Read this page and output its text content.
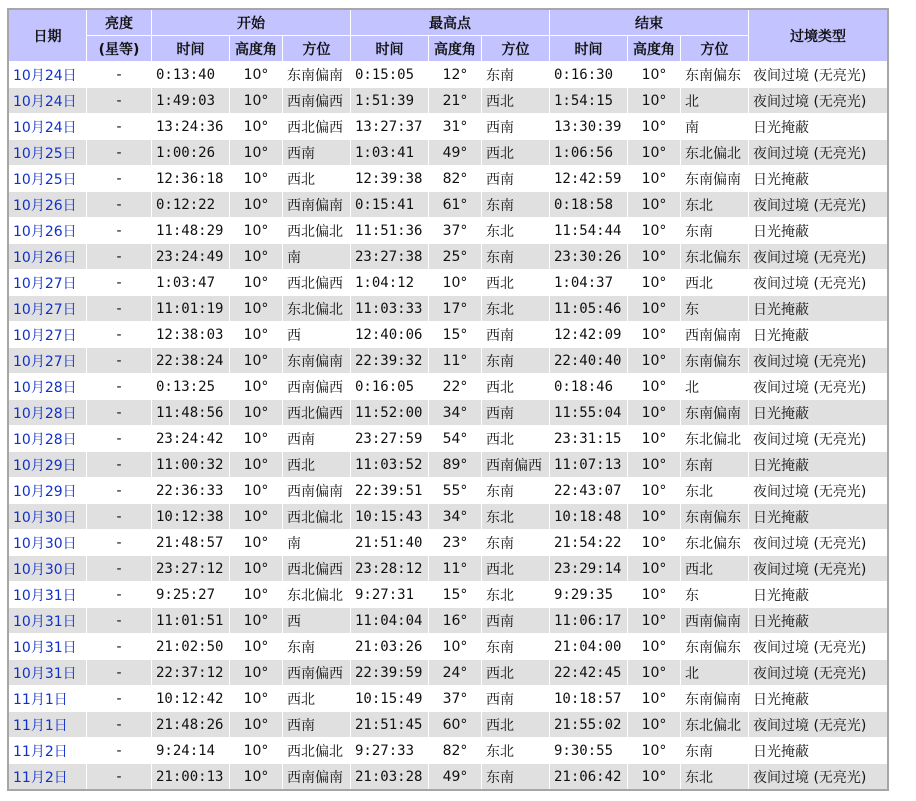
日期	亮度	开始			最高点			结束			过境类型
	(星等)	时间	高度角	方位	时间	高度角	方位	时间	高度角	方位	
10月24日	-	0:13:40	10°	东南偏南	0:15:05	12°	东南	0:16:30	10°	东南偏东	夜间过境 (无亮光)
10月24日	-	1:49:03	10°	西南偏西	1:51:39	21°	西北	1:54:15	10°	北	夜间过境 (无亮光)
10月24日	-	13:24:36	10°	西北偏西	13:27:37	31°	西南	13:30:39	10°	南	日光掩蔽
10月25日	-	1:00:26	10°	西南	1:03:41	49°	西北	1:06:56	10°	东北偏北	夜间过境 (无亮光)
10月25日	-	12:36:18	10°	西北	12:39:38	82°	西南	12:42:59	10°	东南偏南	日光掩蔽
10月26日	-	0:12:22	10°	西南偏南	0:15:41	61°	东南	0:18:58	10°	东北	夜间过境 (无亮光)
10月26日	-	11:48:29	10°	西北偏北	11:51:36	37°	东北	11:54:44	10°	东南	日光掩蔽
10月26日	-	23:24:49	10°	南	23:27:38	25°	东南	23:30:26	10°	东北偏东	夜间过境 (无亮光)
10月27日	-	1:03:47	10°	西北偏西	1:04:12	10°	西北	1:04:37	10°	西北	夜间过境 (无亮光)
10月27日	-	11:01:19	10°	东北偏北	11:03:33	17°	东北	11:05:46	10°	东	日光掩蔽
10月27日	-	12:38:03	10°	西	12:40:06	15°	西南	12:42:09	10°	西南偏南	日光掩蔽
10月27日	-	22:38:24	10°	东南偏南	22:39:32	11°	东南	22:40:40	10°	东南偏东	夜间过境 (无亮光)
10月28日	-	0:13:25	10°	西南偏西	0:16:05	22°	西北	0:18:46	10°	北	夜间过境 (无亮光)
10月28日	-	11:48:56	10°	西北偏西	11:52:00	34°	西南	11:55:04	10°	东南偏南	日光掩蔽
10月28日	-	23:24:42	10°	西南	23:27:59	54°	西北	23:31:15	10°	东北偏北	夜间过境 (无亮光)
10月29日	-	11:00:32	10°	西北	11:03:52	89°	西南偏西	11:07:13	10°	东南	日光掩蔽
10月29日	-	22:36:33	10°	西南偏南	22:39:51	55°	东南	22:43:07	10°	东北	夜间过境 (无亮光)
10月30日	-	10:12:38	10°	西北偏北	10:15:43	34°	东北	10:18:48	10°	东南偏东	日光掩蔽
10月30日	-	21:48:57	10°	南	21:51:40	23°	东南	21:54:22	10°	东北偏东	夜间过境 (无亮光)
10月30日	-	23:27:12	10°	西北偏西	23:28:12	11°	西北	23:29:14	10°	西北	夜间过境 (无亮光)
10月31日	-	9:25:27	10°	东北偏北	9:27:31	15°	东北	9:29:35	10°	东	日光掩蔽
10月31日	-	11:01:51	10°	西	11:04:04	16°	西南	11:06:17	10°	西南偏南	日光掩蔽
10月31日	-	21:02:50	10°	东南	21:03:26	10°	东南	21:04:00	10°	东南偏东	夜间过境 (无亮光)
10月31日	-	22:37:12	10°	西南偏西	22:39:59	24°	西北	22:42:45	10°	北	夜间过境 (无亮光)
11月1日	-	10:12:42	10°	西北	10:15:49	37°	西南	10:18:57	10°	东南偏南	日光掩蔽
11月1日	-	21:48:26	10°	西南	21:51:45	60°	西北	21:55:02	10°	东北偏北	夜间过境 (无亮光)
11月2日	-	9:24:14	10°	西北偏北	9:27:33	82°	东北	9:30:55	10°	东南	日光掩蔽
11月2日	-	21:00:13	10°	西南偏南	21:03:28	49°	东南	21:06:42	10°	东北	夜间过境 (无亮光)
